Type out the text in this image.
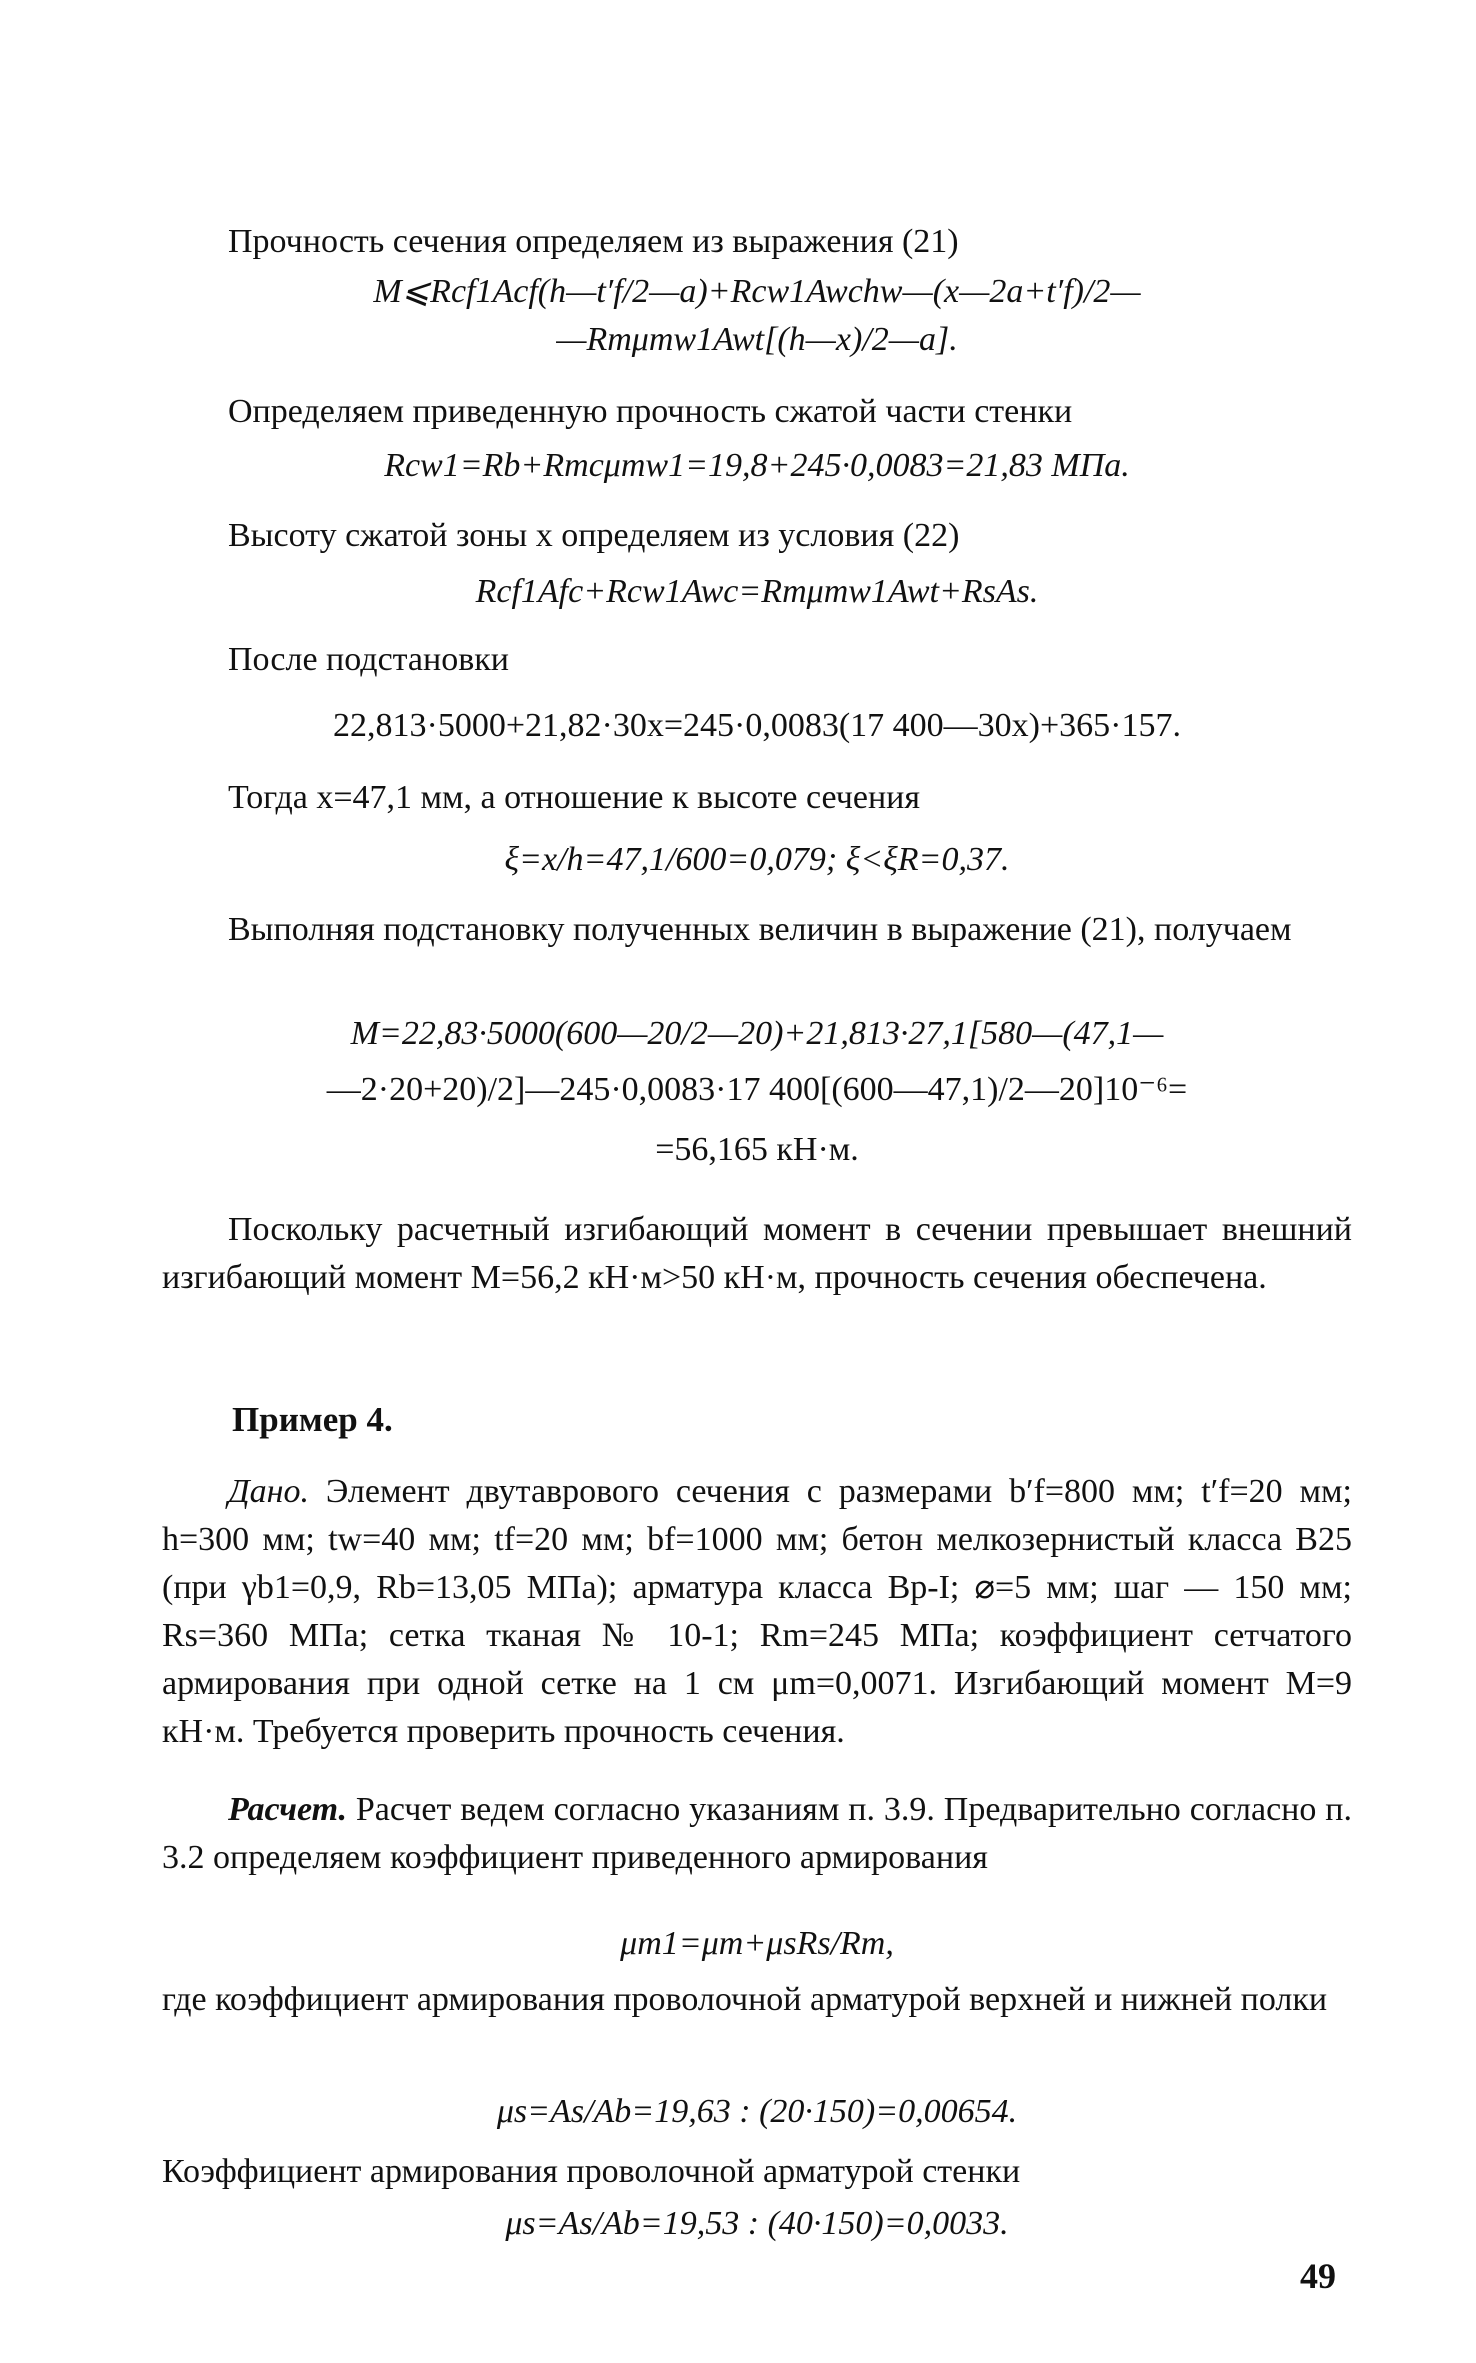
Прочность сечения определяем из выражения (21)
M⩽Rcf1Acf(h—t′f/2—a)+Rcw1Awchw—(x—2a+t′f)/2—
—Rmμmw1Awt[(h—x)/2—a].
Определяем приведенную прочность сжатой части стенки
Rcw1=Rb+Rmcμmw1=19,8+245·0,0083=21,83 МПа.
Высоту сжатой зоны x определяем из условия (22)
Rcf1Afc+Rcw1Awc=Rmμmw1Awt+RsAs.
После подстановки
22,813·5000+21,82·30x=245·0,0083(17 400—30x)+365·157.
Тогда x=47,1 мм, а отношение к высоте сечения
ξ=x/h=47,1/600=0,079; ξ<ξR=0,37.
Выполняя подстановку полученных величин в выражение (21), получаем
M=22,83·5000(600—20/2—20)+21,813·27,1[580—(47,1—
—2·20+20)/2]—245·0,0083·17 400[(600—47,1)/2—20]10⁻⁶=
=56,165 кН·м.
Поскольку расчетный изгибающий момент в сечении превышает внешний изгибающий момент M=56,2 кН·м>50 кН·м, прочность сечения обеспечена.
Пример 4.
Дано. Элемент двутаврового сечения с размерами b′f=800 мм; t′f=20 мм; h=300 мм; tw=40 мм; tf=20 мм; bf=1000 мм; бетон мелкозернистый класса В25 (при γb1=0,9, Rb=13,05 МПа); арматура класса Вр-I; ⌀=5 мм; шаг — 150 мм; Rs=360 МПа; сетка тканая № 10-1; Rm=245 МПа; коэффициент сетчатого армирования при одной сетке на 1 см μm=0,0071. Изгибающий момент M=9 кН·м. Требуется проверить прочность сечения.
Расчет. Расчет ведем согласно указаниям п. 3.9. Предварительно согласно п. 3.2 определяем коэффициент приведенного армирования
μm1=μm+μsRs/Rm,
где коэффициент армирования проволочной арматурой верхней и нижней полки
μs=As/Ab=19,63 : (20·150)=0,00654.
Коэффициент армирования проволочной арматурой стенки
μs=As/Ab=19,53 : (40·150)=0,0033.
49
